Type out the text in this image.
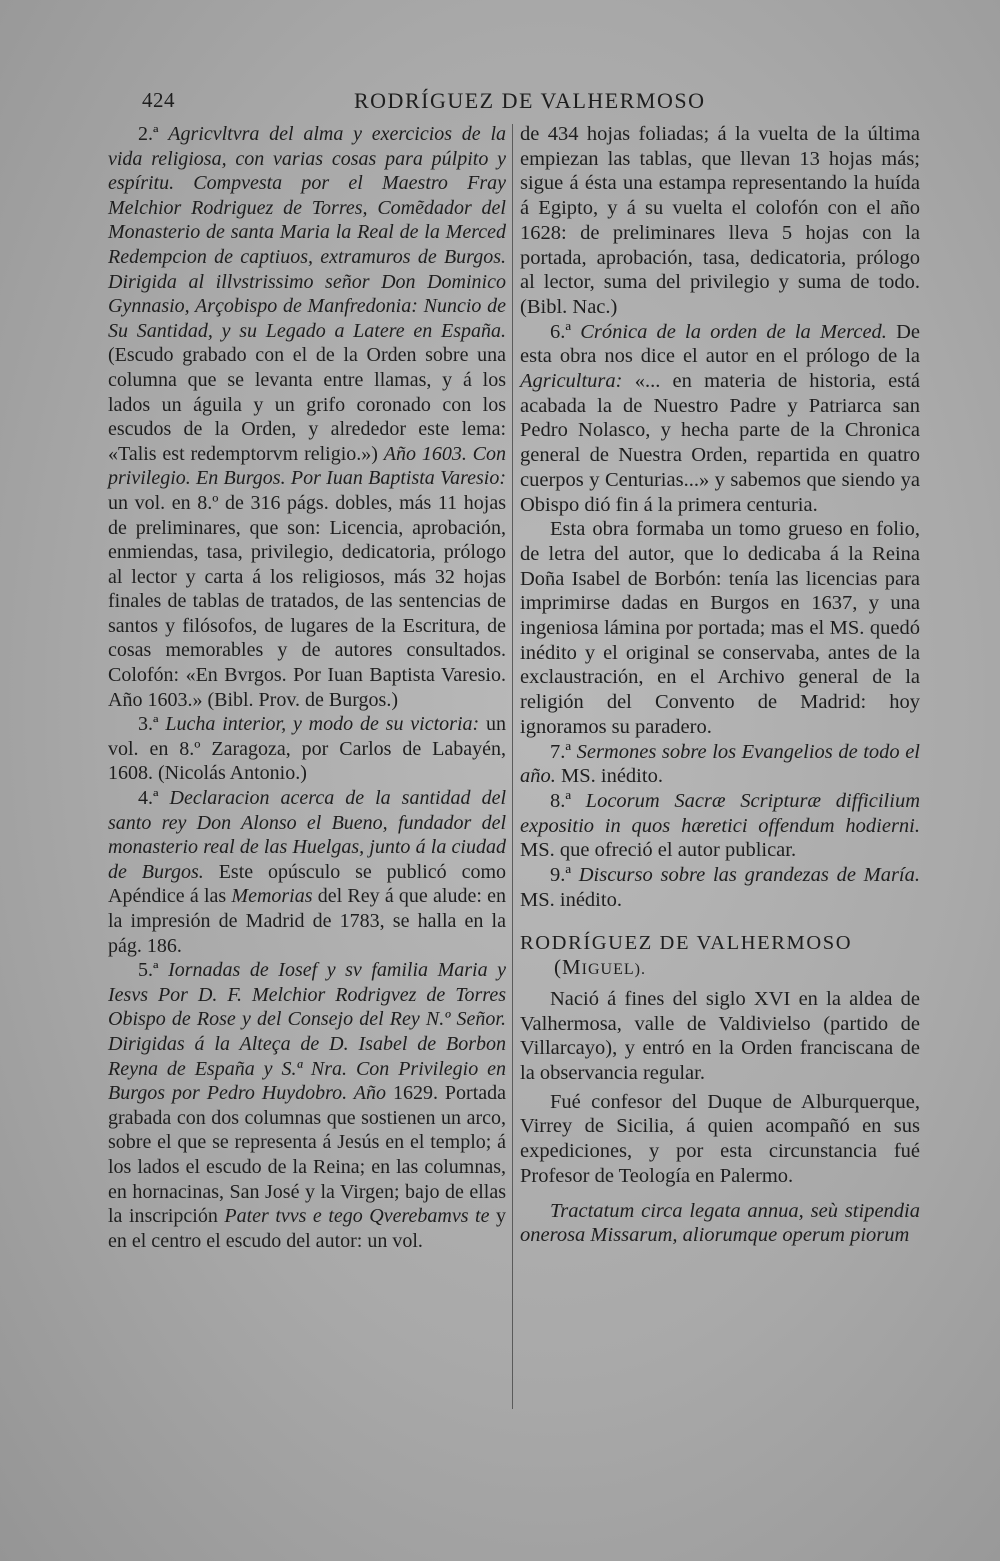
424	RODRÍGUEZ DE VALHERMOSO

2.ª Agricvltvra del alma y exercicios de la vida religiosa, con varias cosas para púlpito y espíritu. Compvesta por el Maestro Fray Melchior Rodriguez de Torres, Comẽdador del Monasterio de santa Maria la Real de la Merced Redempcion de captiuos, extramuros de Burgos. Dirigida al illvstrissimo señor Don Dominico Gynnasio, Arçobispo de Manfredonia: Nuncio de Su Santidad, y su Legado a Latere en España. (Escudo grabado con el de la Orden sobre una columna que se levanta entre llamas, y á los lados un águila y un grifo coronado con los escudos de la Orden, y alrededor este lema: «Talis est redemptorvm religio.») Año 1603. Con privilegio. En Burgos. Por Iuan Baptista Varesio: un vol. en 8.º de 316 págs. dobles, más 11 hojas de preliminares, que son: Licencia, aprobación, enmiendas, tasa, privilegio, dedicatoria, prólogo al lector y carta á los religiosos, más 32 hojas finales de tablas de tratados, de las sentencias de santos y filósofos, de lugares de la Escritura, de cosas memorables y de autores consultados. Colofón: «En Bvrgos. Por Iuan Baptista Varesio. Año 1603.» (Bibl. Prov. de Burgos.)

3.ª Lucha interior, y modo de su victoria: un vol. en 8.º Zaragoza, por Carlos de Labayén, 1608. (Nicolás Antonio.)

4.ª Declaracion acerca de la santidad del santo rey Don Alonso el Bueno, fundador del monasterio real de las Huelgas, junto á la ciudad de Burgos. Este opúsculo se publicó como Apéndice á las Memorias del Rey á que alude: en la impresión de Madrid de 1783, se halla en la pág. 186.

5.ª Iornadas de Iosef y sv familia Maria y Iesvs Por D. F. Melchior Rodrigvez de Torres Obispo de Rose y del Consejo del Rey N.º Señor. Dirigidas á la Alteça de D. Isabel de Borbon Reyna de España y S.ª Nra. Con Privilegio en Burgos por Pedro Huydobro. Año 1629. Portada grabada con dos columnas que sostienen un arco, sobre el que se representa á Jesús en el templo; á los lados el escudo de la Reina; en las columnas, en hornacinas, San José y la Virgen; bajo de ellas la inscripción Pater tvvs e tego Qverebamvs te y en el centro el escudo del autor: un vol.

de 434 hojas foliadas; á la vuelta de la última empiezan las tablas, que llevan 13 hojas más; sigue á ésta una estampa representando la huída á Egipto, y á su vuelta el colofón con el año 1628: de preliminares lleva 5 hojas con la portada, aprobación, tasa, dedicatoria, prólogo al lector, suma del privilegio y suma de todo. (Bibl. Nac.)

6.ª Crónica de la orden de la Merced. De esta obra nos dice el autor en el prólogo de la Agricultura: «... en materia de historia, está acabada la de Nuestro Padre y Patriarca san Pedro Nolasco, y hecha parte de la Chronica general de Nuestra Orden, repartida en quatro cuerpos y Centurias...» y sabemos que siendo ya Obispo dió fin á la primera centuria.

Esta obra formaba un tomo grueso en folio, de letra del autor, que lo dedicaba á la Reina Doña Isabel de Borbón: tenía las licencias para imprimirse dadas en Burgos en 1637, y una ingeniosa lámina por portada; mas el MS. quedó inédito y el original se conservaba, antes de la exclaustración, en el Archivo general de la religión del Convento de Madrid: hoy ignoramos su paradero.

7.ª Sermones sobre los Evangelios de todo el año. MS. inédito.

8.ª Locorum Sacræ Scripturæ difficilium expositio in quos hæretici offendum hodierni. MS. que ofreció el autor publicar.

9.ª Discurso sobre las grandezas de María. MS. inédito.

RODRÍGUEZ DE VALHERMOSO

(MIGUEL).

Nació á fines del siglo XVI en la aldea de Valhermosa, valle de Valdivielso (partido de Villarcayo), y entró en la Orden franciscana de la observancia regular.

Fué confesor del Duque de Alburquerque, Virrey de Sicilia, á quien acompañó en sus expediciones, y por esta circunstancia fué Profesor de Teología en Palermo.

Tractatum circa legata annua, seù stipendia onerosa Missarum, aliorumque operum piorum
